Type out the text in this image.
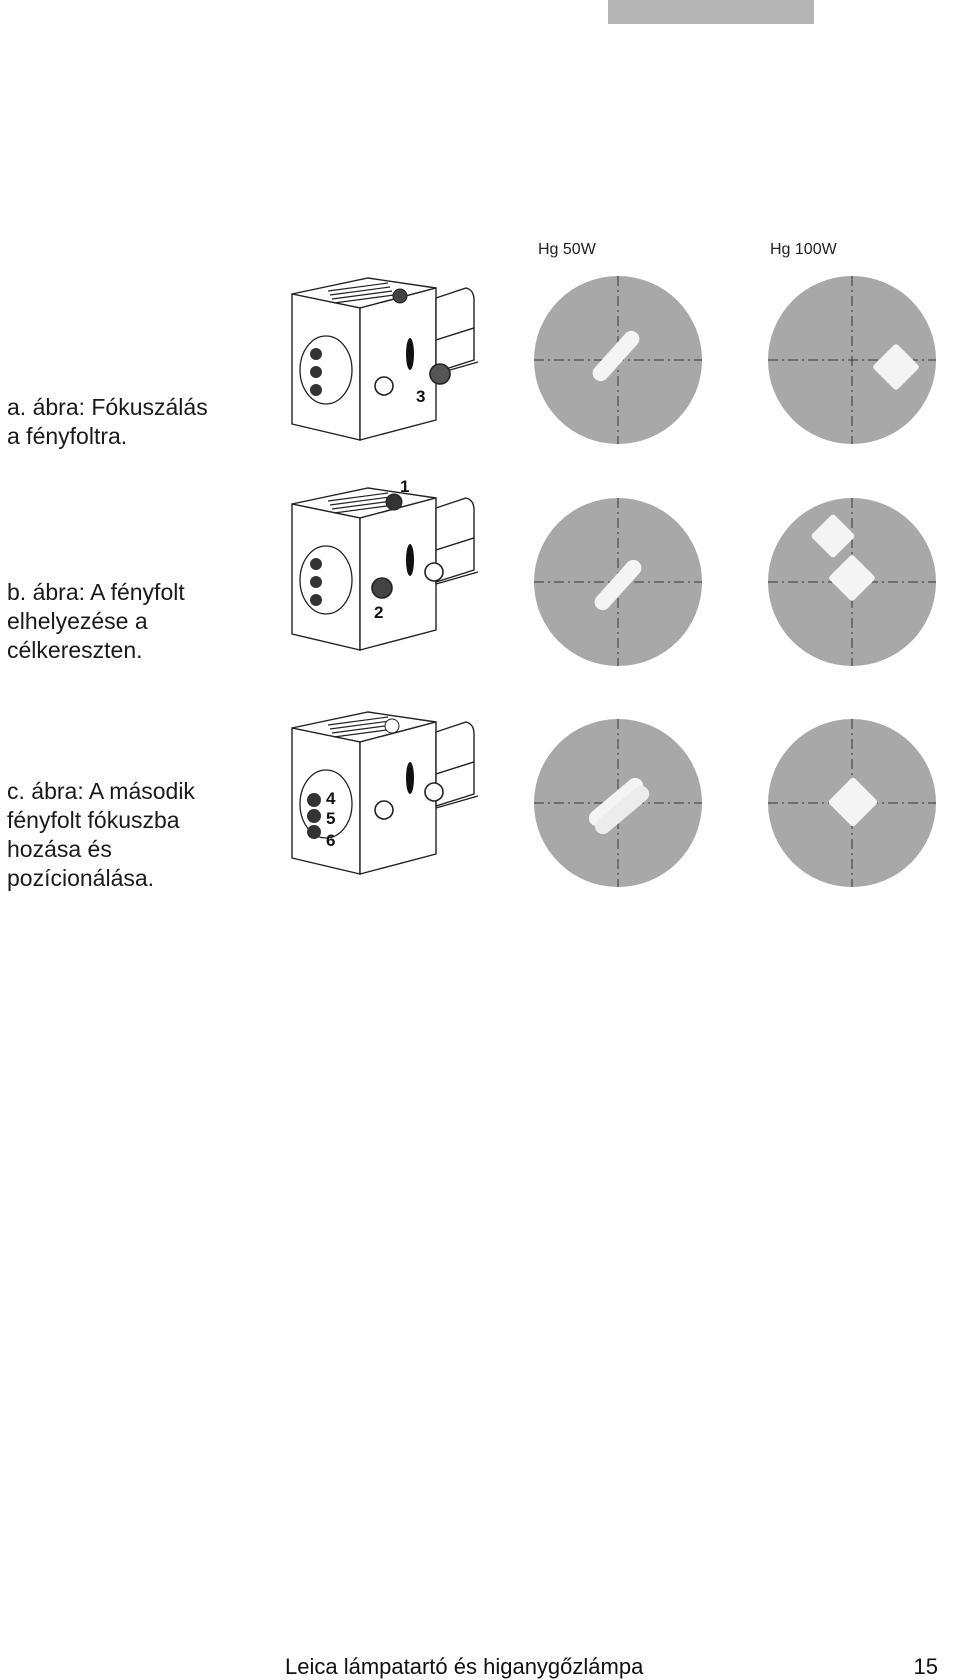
Hg 50W	Hg 100W
a. ábra: Fókuszálás
a fényfoltra.
b. ábra: A fényfolt
elhelyezése a
célkereszten.
c. ábra: A második
fényfolt fókuszba
hozása és
pozícionálása.
3
1
2
4
5
6
Leica lámpatartó és higanygőzlámpa	15
